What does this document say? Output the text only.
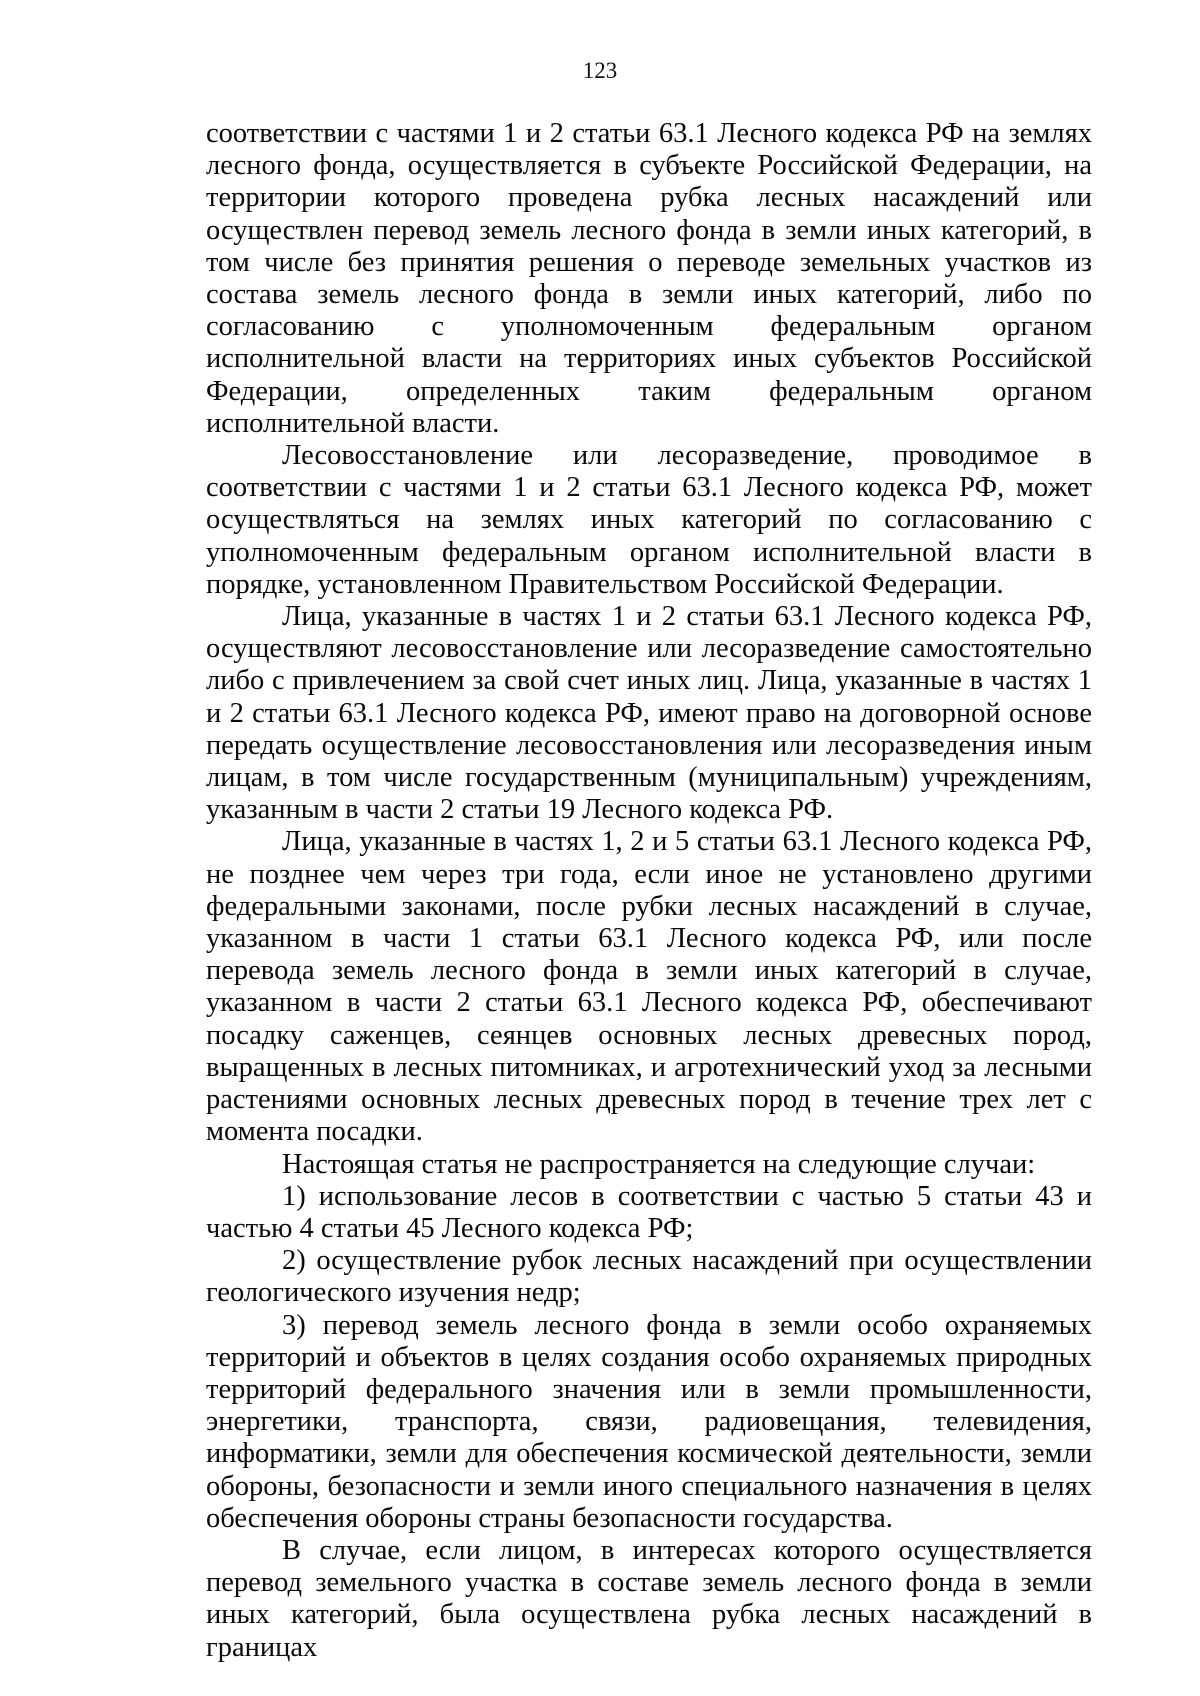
123

соответствии с частями 1 и 2 статьи 63.1 Лесного кодекса РФ на землях лесного фонда, осуществляется в субъекте Российской Федерации, на территории которого проведена рубка лесных насаждений или осуществлен перевод земель лесного фонда в земли иных категорий, в том числе без принятия решения о переводе земельных участков из состава земель лесного фонда в земли иных категорий, либо по согласованию с уполномоченным федеральным органом исполнительной власти на территориях иных субъектов Российской Федерации, определенных таким федеральным органом исполнительной власти.

Лесовосстановление или лесоразведение, проводимое в соответствии с частями 1 и 2 статьи 63.1 Лесного кодекса РФ, может осуществляться на землях иных категорий по согласованию с уполномоченным федеральным органом исполнительной власти в порядке, установленном Правительством Российской Федерации.

Лица, указанные в частях 1 и 2 статьи 63.1 Лесного кодекса РФ, осуществляют лесовосстановление или лесоразведение самостоятельно либо с привлечением за свой счет иных лиц. Лица, указанные в частях 1 и 2 статьи 63.1 Лесного кодекса РФ, имеют право на договорной основе передать осуществление лесовосстановления или лесоразведения иным лицам, в том числе государственным (муниципальным) учреждениям, указанным в части 2 статьи 19 Лесного кодекса РФ.

Лица, указанные в частях 1, 2 и 5 статьи 63.1 Лесного кодекса РФ, не позднее чем через три года, если иное не установлено другими федеральными законами, после рубки лесных насаждений в случае, указанном в части 1 статьи 63.1 Лесного кодекса РФ, или после перевода земель лесного фонда в земли иных категорий в случае, указанном в части 2 статьи 63.1 Лесного кодекса РФ, обеспечивают посадку саженцев, сеянцев основных лесных древесных пород, выращенных в лесных питомниках, и агротехнический уход за лесными растениями основных лесных древесных пород в течение трех лет с момента посадки.

Настоящая статья не распространяется на следующие случаи:

1) использование лесов в соответствии с частью 5 статьи 43 и частью 4 статьи 45 Лесного кодекса РФ;

2) осуществление рубок лесных насаждений при осуществлении геологического изучения недр;

3) перевод земель лесного фонда в земли особо охраняемых территорий и объектов в целях создания особо охраняемых природных территорий федерального значения или в земли промышленности, энергетики, транспорта, связи, радиовещания, телевидения, информатики, земли для обеспечения космической деятельности, земли обороны, безопасности и земли иного специального назначения в целях обеспечения обороны страны безопасности государства.

В случае, если лицом, в интересах которого осуществляется перевод земельного участка в составе земель лесного фонда в земли иных категорий, была осуществлена рубка лесных насаждений в границах
